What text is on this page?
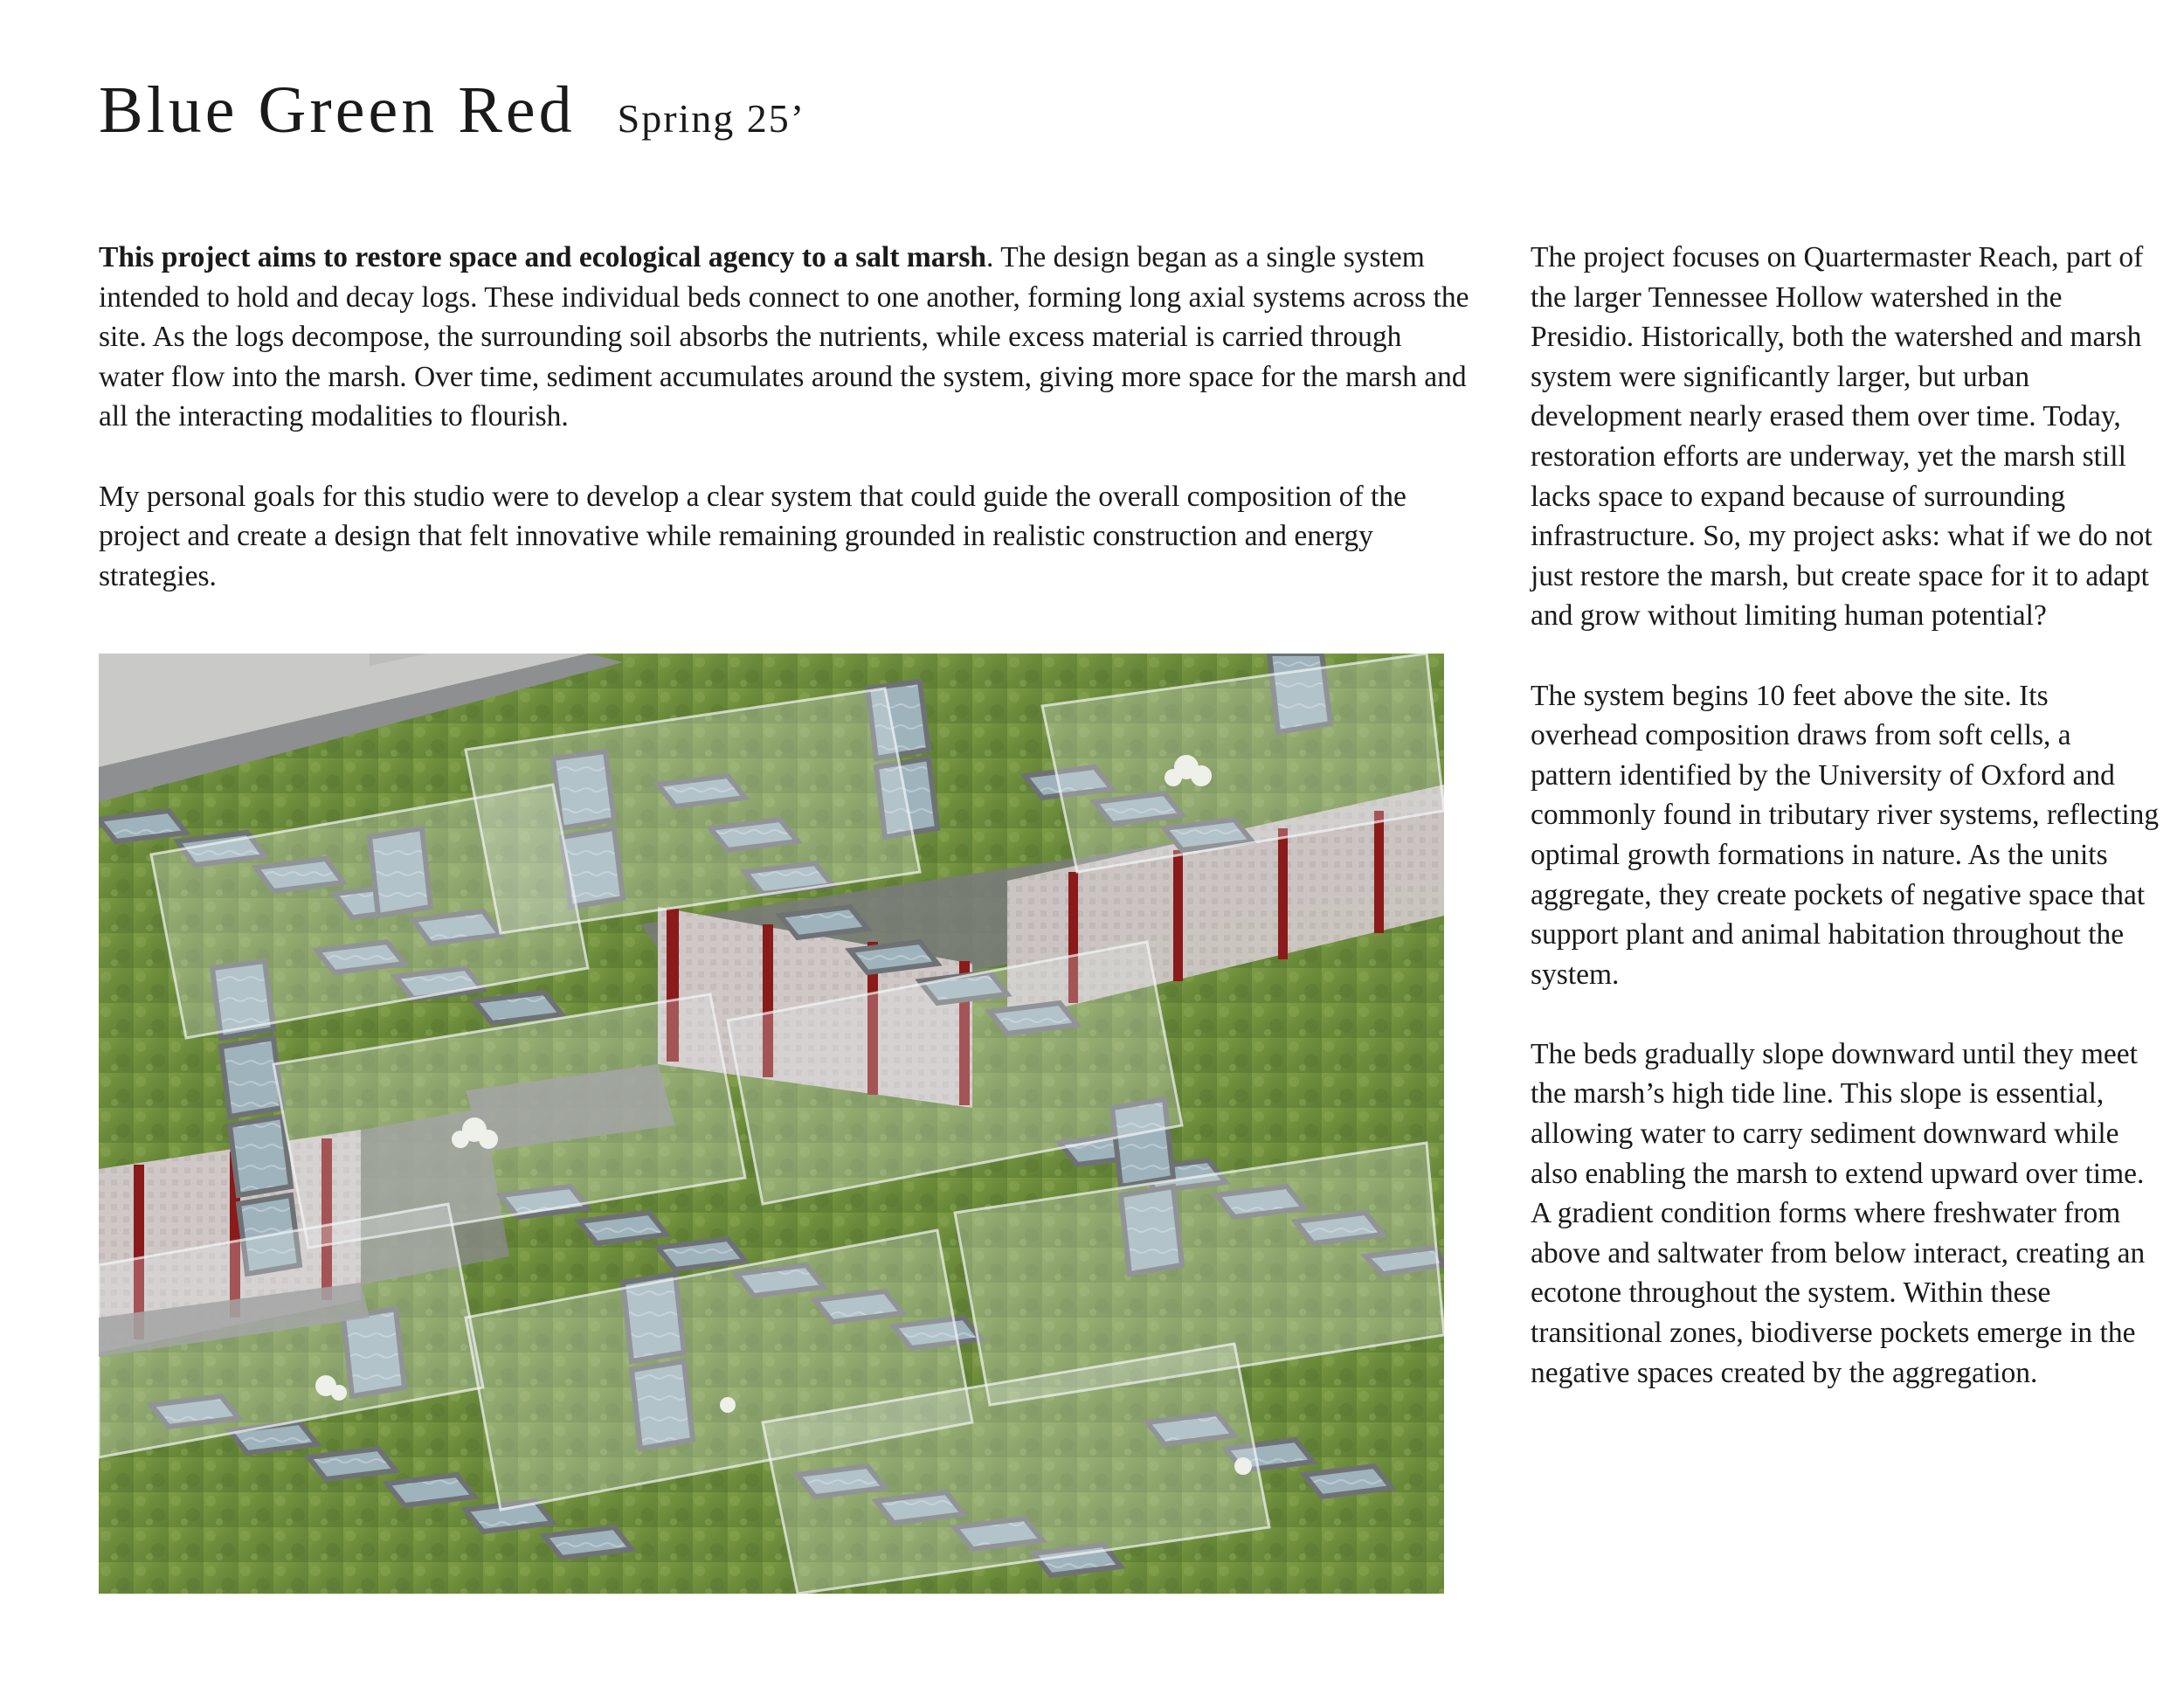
Blue Green Red Spring 25’

This project aims to restore space and ecological agency to a salt marsh. The design began as a single system intended to hold and decay logs. These individual beds connect to one another, forming long axial systems across the site. As the logs decompose, the surrounding soil absorbs the nutrients, while excess material is carried through water flow into the marsh. Over time, sediment accumulates around the system, giving more space for the marsh and all the interacting modalities to flourish.

My personal goals for this studio were to develop a clear system that could guide the overall composition of the project and create a design that felt innovative while remaining grounded in realistic construction and energy strategies.

The project focuses on Quartermaster Reach, part of the larger Tennessee Hollow watershed in the Presidio. Historically, both the watershed and marsh system were significantly larger, but urban development nearly erased them over time. Today, restoration efforts are underway, yet the marsh still lacks space to expand because of surrounding infrastructure. So, my project asks: what if we do not just restore the marsh, but create space for it to adapt and grow without limiting human potential?

The system begins 10 feet above the site. Its overhead composition draws from soft cells, a pattern identified by the University of Oxford and commonly found in tributary river systems, reflecting optimal growth formations in nature. As the units aggregate, they create pockets of negative space that support plant and animal habitation throughout the system.

The beds gradually slope downward until they meet the marsh’s high tide line. This slope is essential, allowing water to carry sediment downward while also enabling the marsh to extend upward over time. A gradient condition forms where freshwater from above and saltwater from below interact, creating an ecotone throughout the system. Within these transitional zones, biodiverse pockets emerge in the negative spaces created by the aggregation.
